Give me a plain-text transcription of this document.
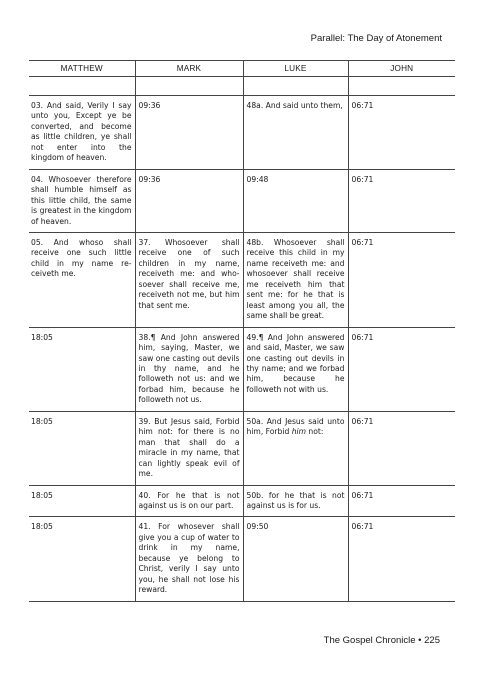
Parallel: The Day of Atonement
MATTHEW	MARK	LUKE	JOHN

03. And said, Verily I say unto you, Except ye be converted, and become as little children, ye shall not enter into the kingdom of heaven.	09:36	48a. And said unto them,	06:71
04. Whosoever therefore shall humble himself as this little child, the same is greatest in the kingdom of heaven.	09:36	09:48	06:71
05. And whoso shall receive one such little child in my name receiveth me.	37. Whosoever shall receive one of such children in my name, receiveth me: and whosoever shall receive me, receiveth not me, but him that sent me.	48b. Whosoever shall receive this child in my name receiveth me: and whosoever shall receive me receiveth him that sent me: for he that is least among you all, the same shall be great.	06:71
18:05	38.¶ And John answered him, saying, Master, we saw one casting out devils in thy name, and he followeth not us: and we forbad him, because he followeth not us.	49.¶ And John answered and said, Master, we saw one casting out devils in thy name; and we forbad him, because he followeth not with us.	06:71
18:05	39. But Jesus said, Forbid him not: for there is no man that shall do a miracle in my name, that can lightly speak evil of me.	50a. And Jesus said unto him, Forbid him not:	06:71
18:05	40. For he that is not against us is on our part.	50b. for he that is not against us is for us.	06:71
18:05	41. For whosever shall give you a cup of water to drink in my name, because ye belong to Christ, verily I say unto you, he shall not lose his reward.	09:50	06:71
The Gospel Chronicle • 225
